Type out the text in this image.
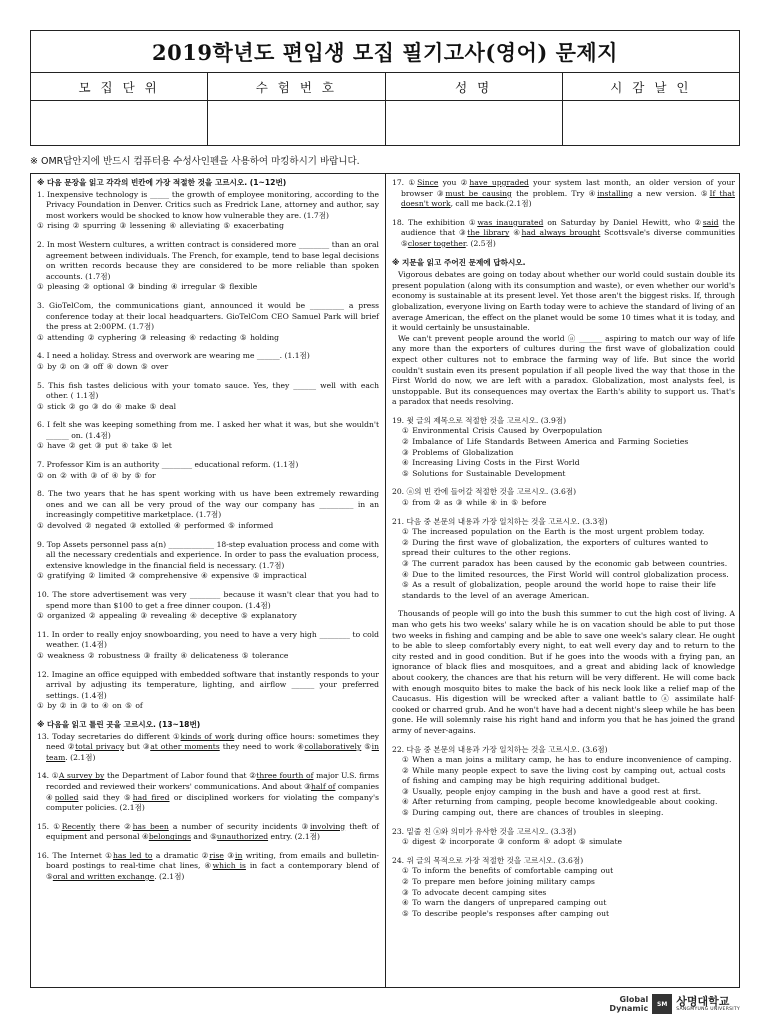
2019학년도 편입생 모집 필기고사(영어) 문제지
모 집 단 위	수 험 번 호	성 명	시 감 날 인
※ OMR답안지에 반드시 컴퓨터용 수성사인펜을 사용하여 마킹하시기 바랍니다.
※ 다음 문장을 읽고 각각의 빈칸에 가장 적절한 것을 고르시오. (1~12번)
1. Inexpensive technology is _____ the growth of employee monitoring, according to the Privacy Foundation in Denver. Critics such as Fredrick Lane, attorney and author, say most workers would be shocked to know how vulnerable they are. (1.7점)
① rising ② spurring ③ lessening ④ alleviating ⑤ exacerbating
2. In most Western cultures, a written contract is considered more ________ than an oral agreement between individuals. The French, for example, tend to base legal decisions on written records because they are considered to be more reliable than spoken accounts. (1.7점)
① pleasing ② optional ③ binding ④ irregular ⑤ flexible
3. GioTelCom, the communications giant, announced it would be _________ a press conference today at their local headquarters. GioTelCom CEO Samuel Park will brief the press at 2:00PM. (1.7점)
① attending ② cyphering ③ releasing ④ redacting ⑤ holding
4. I need a holiday. Stress and overwork are wearing me ______. (1.1점)
① by ② on ③ off ④ down ⑤ over
5. This fish tastes delicious with your tomato sauce. Yes, they ______ well with each other. ( 1.1점)
① stick ② go ③ do ④ make ⑤ deal
6. I felt she was keeping something from me. I asked her what it was, but she wouldn't ______ on. (1.4점)
① have ② get ③ put ④ take ⑤ let
7. Professor Kim is an authority ________ educational reform. (1.1점)
① on ② with ③ of ④ by ⑤ for
8. The two years that he has spent working with us have been extremely rewarding ones and we can all be very proud of the way our company has _________ in an increasingly competitive marketplace. (1.7점)
① devolved ② negated ③ extolled ④ performed ⑤ informed
9. Top Assets personnel pass a(n) ____________ 18-step evaluation process and come with all the necessary credentials and experience. In order to pass the evaluation process, extensive knowledge in the financial field is necessary. (1.7점)
① gratifying ② limited ③ comprehensive ④ expensive ⑤ impractical
10. The store advertisement was very ________ because it wasn't clear that you had to spend more than $100 to get a free dinner coupon. (1.4점)
① organized ② appealing ③ revealing ④ deceptive ⑤ explanatory
11. In order to really enjoy snowboarding, you need to have a very high ________ to cold weather. (1.4점)
① weakness ② robustness ③ frailty ④ delicateness ⑤ tolerance
12. Imagine an office equipped with embedded software that instantly responds to your arrival by adjusting its temperature, lighting, and airflow ______ your preferred settings. (1.4점)
① by ② in ③ to ④ on ⑤ of
※ 다음을 읽고 틀린 곳을 고르시오. (13~18번)
13. Today secretaries do different ①kinds of work during office hours: sometimes they need ②total privacy but ③at other moments they need to work ④collaboratively ⑤in team. (2.1점)
14. ①A survey by the Department of Labor found that ②three fourth of major U.S. firms recorded and reviewed their workers' communications. And about ③half of companies ④polled said they ⑤had fired or disciplined workers for violating the company's computer policies. (2.1점)
15. ①Recently there ②has been a number of security incidents ③involving theft of equipment and personal ④belongings and ⑤unauthorized entry. (2.1점)
16. The Internet ①has led to a dramatic ②rise ③in writing, from emails and bulletin-board postings to real-time chat lines, ④which is in fact a contemporary blend of ⑤oral and written exchange. (2.1점)
17. ①Since you ②have upgraded your system last month, an older version of your browser ③must be causing the problem. Try ④installing a new version. ⑤If that doesn't work, call me back.(2.1점)
18. The exhibition ①was inaugurated on Saturday by Daniel Hewitt, who ②said the audience that ③the library ④had always brought Scottsvale's diverse communities ⑤closer together. (2.5점)
※ 지문을 읽고 주어진 문제에 답하시오.

Vigorous debates are going on today about whether our world could sustain double its present population (along with its consumption and waste), or even whether our world's economy is sustainable at its present level. Yet those aren't the biggest risks. If, through globalization, everyone living on Earth today were to achieve the standard of living of an average American, the effect on the planet would be some 10 times what it is today, and it would certainly be unsustainable.

We can't prevent people around the world ⓐ ______ aspiring to match our way of life any more than the exporters of cultures during the first wave of globalization could expect other cultures not to embrace the farming way of life. But since the world couldn't sustain even its present population if all people lived the way that those in the First World do now, we are left with a paradox. Globalization, most analysts feel, is unstoppable. But its consequences may overtax the Earth's ability to support us. That's a paradox that needs resolving.

19. 윗 글의 제목으로 적절한 것을 고르시오. (3.9점)
① Environmental Crisis Caused by Overpopulation
② Imbalance of Life Standards Between America and Farming Societies
③ Problems of Globalization
④ Increasing Living Costs in the First World
⑤ Solutions for Sustainable Development
20. ⓐ의 빈 칸에 들어갈 적절한 것을 고르시오. (3.6점)
① from ② as ③ while ④ in ⑤ before
21. 다음 중 본문의 내용과 가장 일치하는 것을 고르시오. (3.3점)
① The increased population on the Earth is the most urgent problem today.
② During the first wave of globalization, the exporters of cultures wanted to spread their cultures to the other regions.
③ The current paradox has been caused by the economic gab between countries.
④ Due to the limited resources, the First World will control globalization process.
⑤ As a result of globalization, people around the world hope to raise their life standards to the level of an average American.

Thousands of people will go into the bush this summer to cut the high cost of living. A man who gets his two weeks' salary while he is on vacation should be able to put those two weeks in fishing and camping and be able to save one week's salary clear. He ought to be able to sleep comfortably every night, to eat well every day and to return to the city rested and in good condition. But if he goes into the woods with a frying pan, an ignorance of black flies and mosquitoes, and a great and abiding lack of knowledge about cookery, the chances are that his return will be very different. He will come back with enough mosquito bites to make the back of his neck look like a relief map of the Caucasus. His digestion will be wrecked after a valiant battle to ⓐ assimilate half-cooked or charred grub. And he won't have had a decent night's sleep while he has been gone. He will solemnly raise his right hand and inform you that he has joined the grand army of never-agains.

22. 다음 중 본문의 내용과 가장 일치하는 것을 고르시오. (3.6점)
① When a man joins a military camp, he has to endure inconvenience of camping.
② While many people expect to save the living cost by camping out, actual costs of fishing and camping may be high requiring additional budget.
③ Usually, people enjoy camping in the bush and have a good rest at first.
④ After returning from camping, people become knowledgeable about cooking.
⑤ During camping out, there are chances of troubles in sleeping.
23. 밑줄 친 ⓐ와 의미가 유사한 것을 고르시오. (3.3점)
① digest ② incorporate ③ conform ④ adopt ⑤ simulate
24. 위 글의 목적으로 가장 적절한 것을 고르시오. (3.6점)
① To inform the benefits of comfortable camping out
② To prepare men before joining military camps
③ To advocate decent camping sites
④ To warn the dangers of unprepared camping out
⑤ To describe people's responses after camping out
Global
Dynamic	SM 상명대학교
SANGMYUNG UNIVERSITY
